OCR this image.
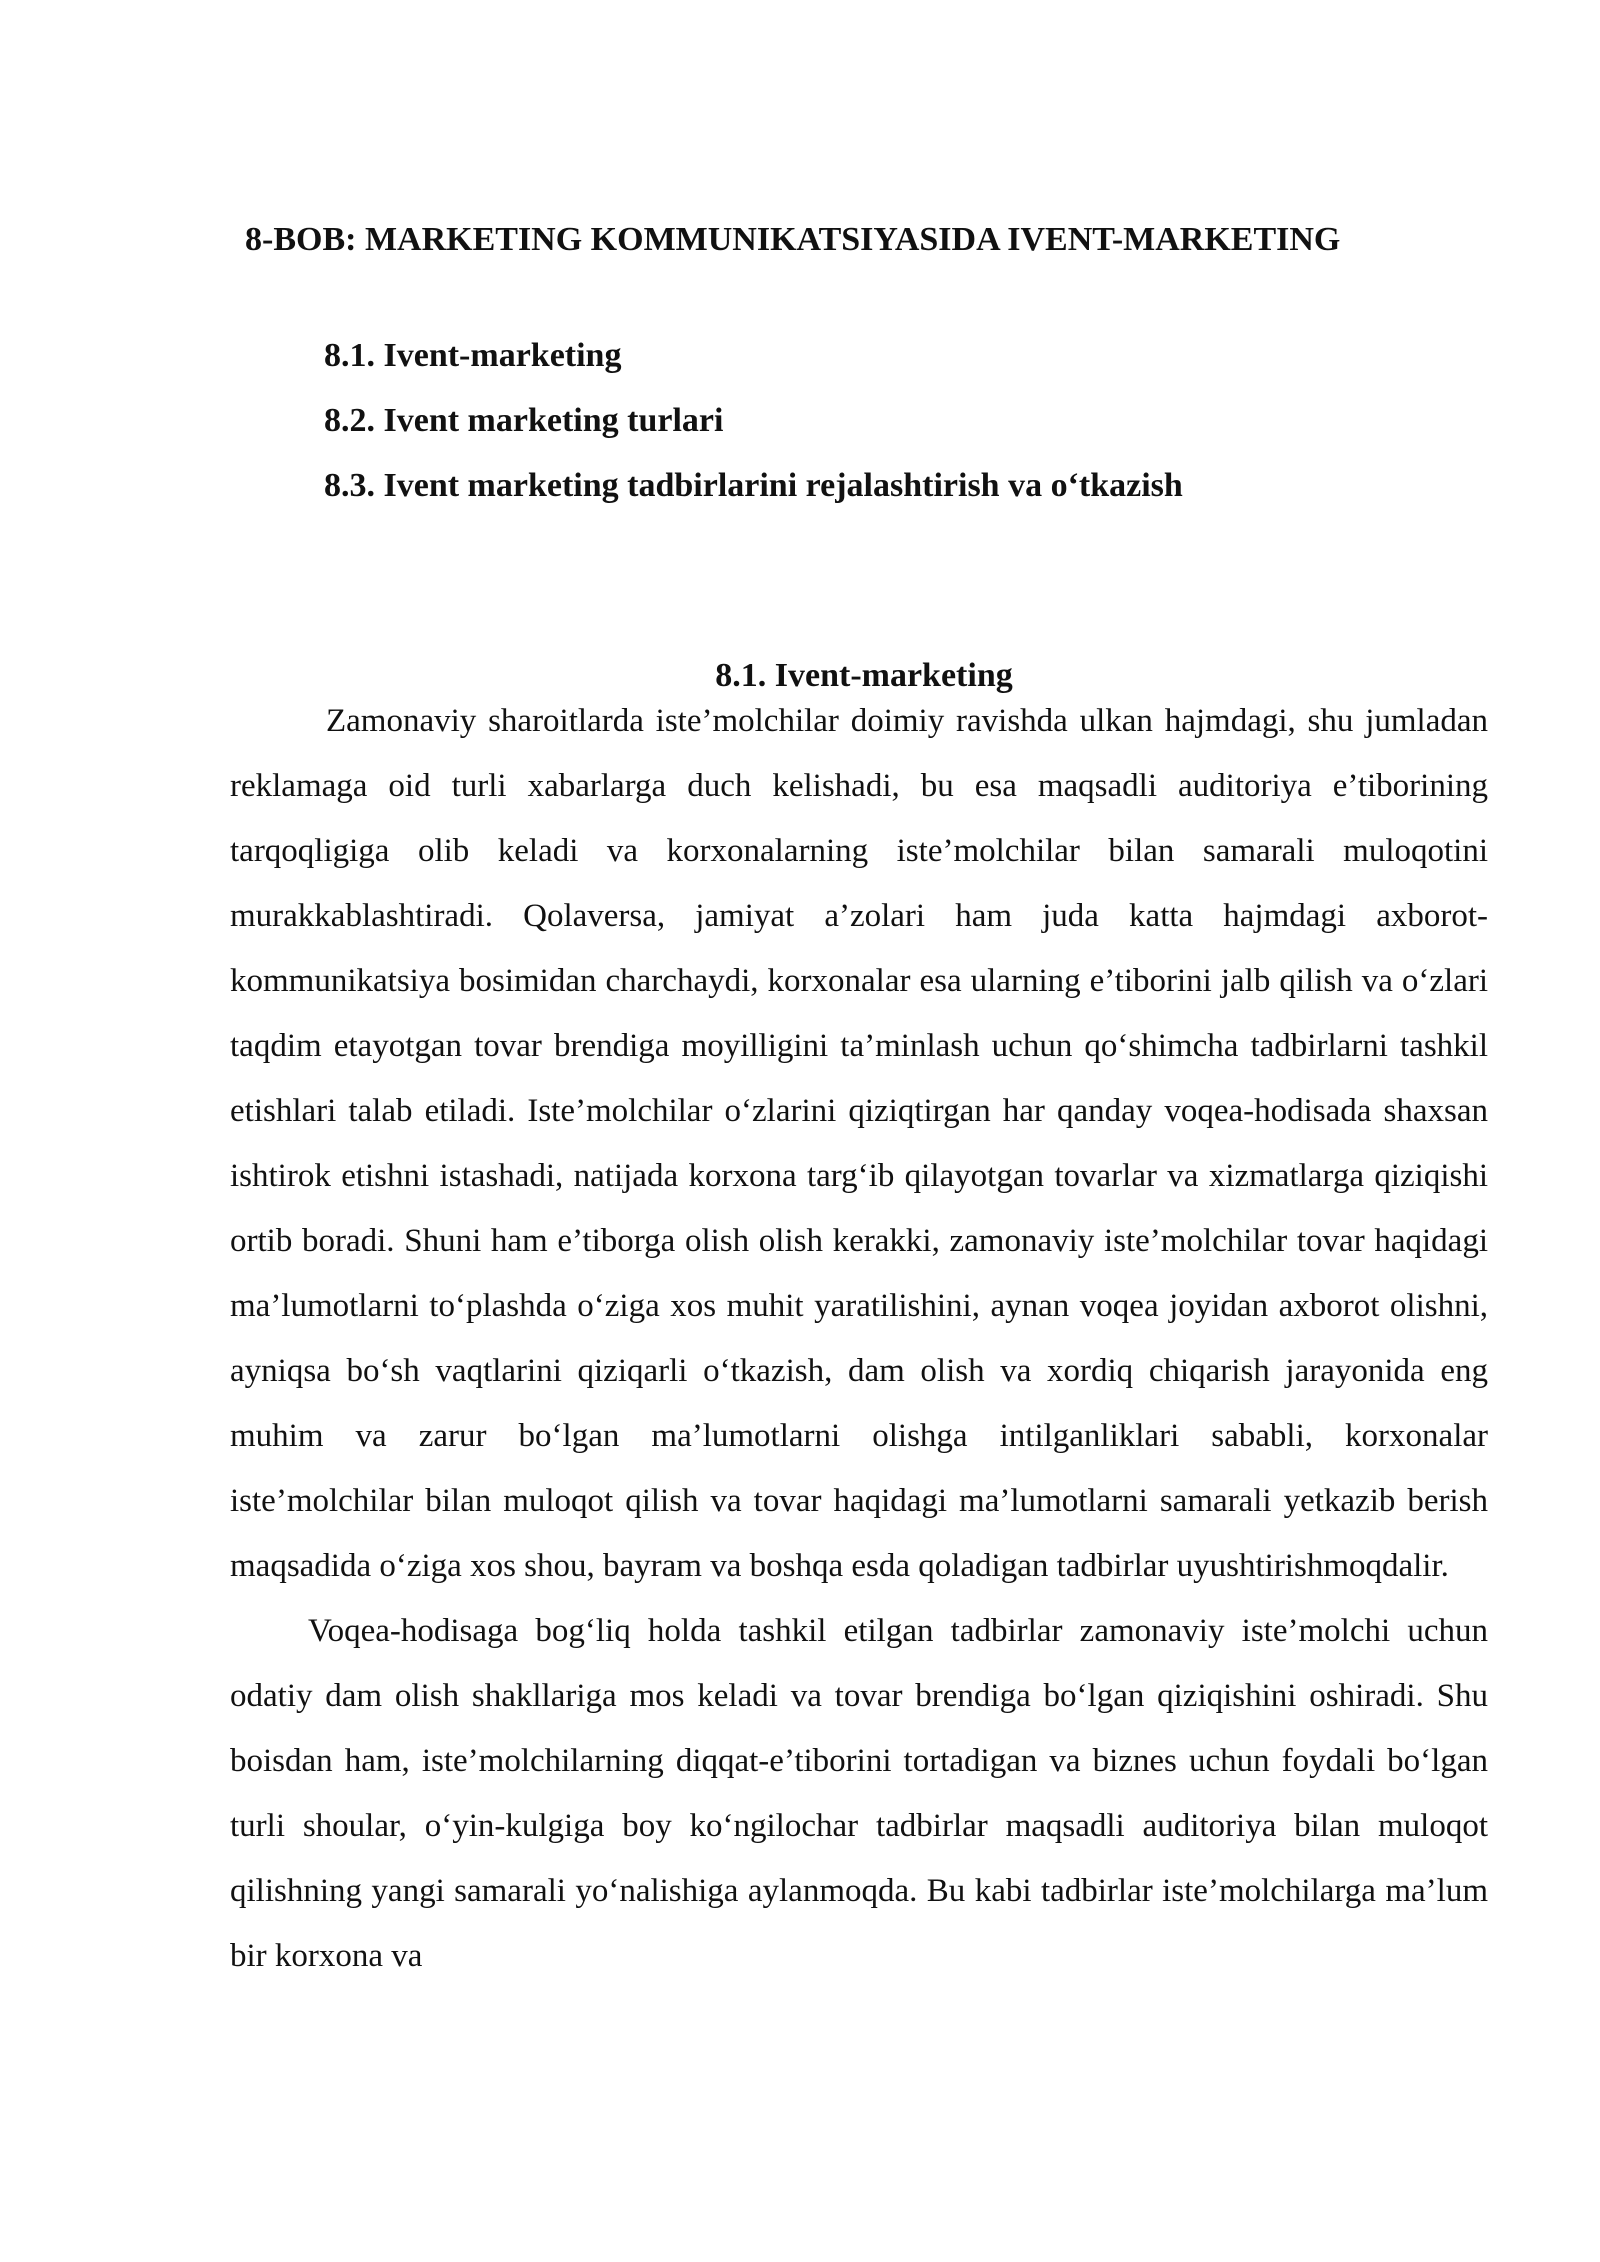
8-BOB: MARKETING KOMMUNIKATSIYASIDA IVENT-MARKETING
8.1. Ivent-marketing
8.2. Ivent marketing turlari
8.3. Ivent marketing tadbirlarini rejalashtirish va o‘tkazish
8.1. Ivent-marketing

Zamonaviy sharoitlarda iste’molchilar doimiy ravishda ulkan hajmdagi, shu jumladan reklamaga oid turli xabarlarga duch kelishadi, bu esa maqsadli auditoriya e’tiborining tarqoqligiga olib keladi va korxonalarning iste’molchilar bilan samarali muloqotini murakkablashtiradi. Qolaversa, jamiyat a’zolari ham juda katta hajmdagi axborot-kommunikatsiya bosimidan charchaydi, korxonalar esa ularning e’tiborini jalb qilish va o‘zlari taqdim etayotgan tovar brendiga moyilligini ta’minlash uchun qo‘shimcha tadbirlarni tashkil etishlari talab etiladi. Iste’molchilar o‘zlarini qiziqtirgan har qanday voqea-hodisada shaxsan ishtirok etishni istashadi, natijada korxona targ‘ib qilayotgan tovarlar va xizmatlarga qiziqishi ortib boradi. Shuni ham e’tiborga olish olish kerakki, zamonaviy iste’molchilar tovar haqidagi ma’lumotlarni to‘plashda o‘ziga xos muhit yaratilishini, aynan voqea joyidan axborot olishni, ayniqsa bo‘sh vaqtlarini qiziqarli o‘tkazish, dam olish va xordiq chiqarish jarayonida eng muhim va zarur bo‘lgan ma’lumotlarni olishga intilganliklari sababli, korxonalar iste’molchilar bilan muloqot qilish va tovar haqidagi ma’lumotlarni samarali yetkazib berish maqsadida o‘ziga xos shou, bayram va boshqa esda qoladigan tadbirlar uyushtirishmoqdalir.

Voqea-hodisaga bog‘liq holda tashkil etilgan tadbirlar zamonaviy iste’molchi uchun odatiy dam olish shakllariga mos keladi va tovar brendiga bo‘lgan qiziqishini oshiradi. Shu boisdan ham, iste’molchilarning diqqat-e’tiborini tortadigan va biznes uchun foydali bo‘lgan turli shoular, o‘yin-kulgiga boy ko‘ngilochar tadbirlar maqsadli auditoriya bilan muloqot qilishning yangi samarali yo‘nalishiga aylanmoqda. Bu kabi tadbirlar iste’molchilarga ma’lum bir korxona va
